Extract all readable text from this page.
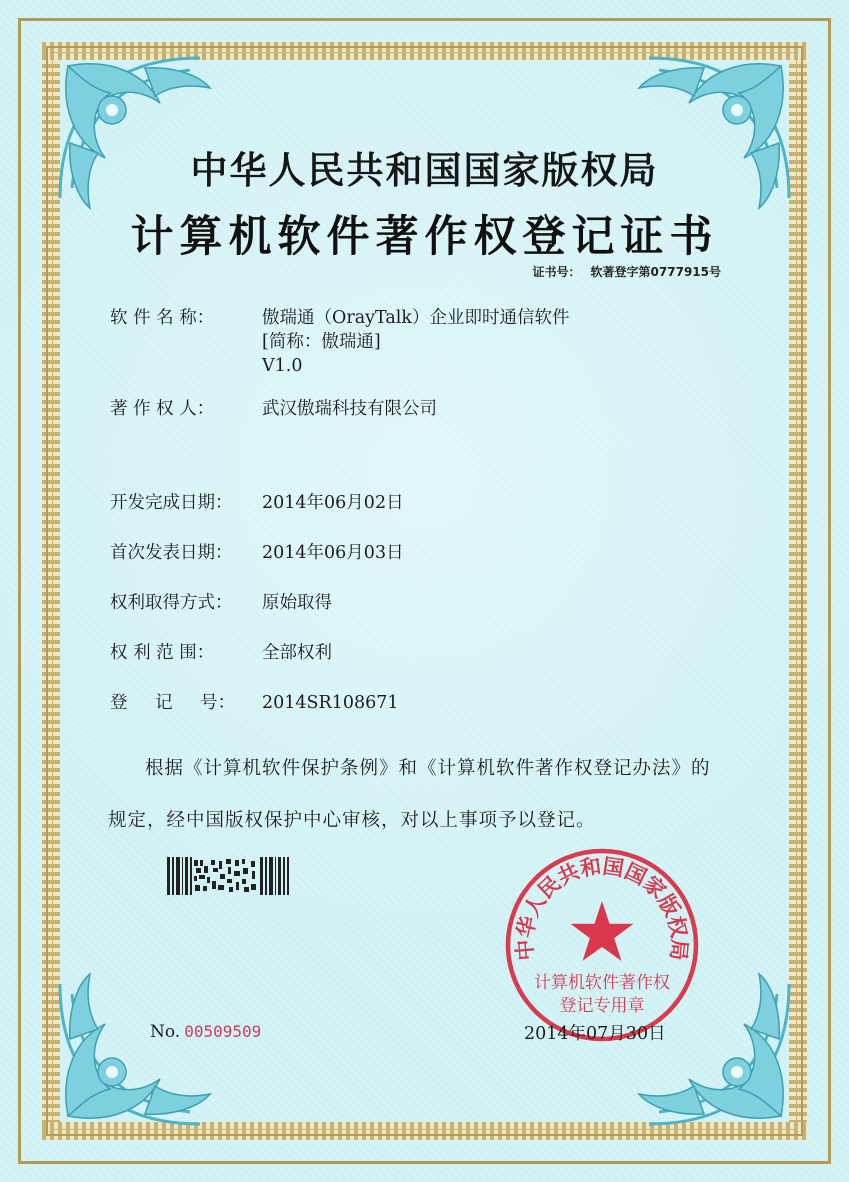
中华人民共和国国家版权局
计算机软件著作权登记证书
证书号： 软著登字第0777915号
软 件 名 称：	傲瑞通（OrayTalk）企业即时通信软件
[简称：傲瑞通]
V1.0
著 作 权 人：	武汉傲瑞科技有限公司
开发完成日期： 2014年06月02日
首次发表日期： 2014年06月03日
权利取得方式： 原始取得
权 利 范 围：	全部权利
登 记 号： 2014SR108671
根据《计算机软件保护条例》和《计算机软件著作权登记办法》的
规定，经中国版权保护中心审核，对以上事项予以登记。
中华人民共和国国家版权局
计算机软件著作权
登记专用章
No. 00509509	2014年07月30日
